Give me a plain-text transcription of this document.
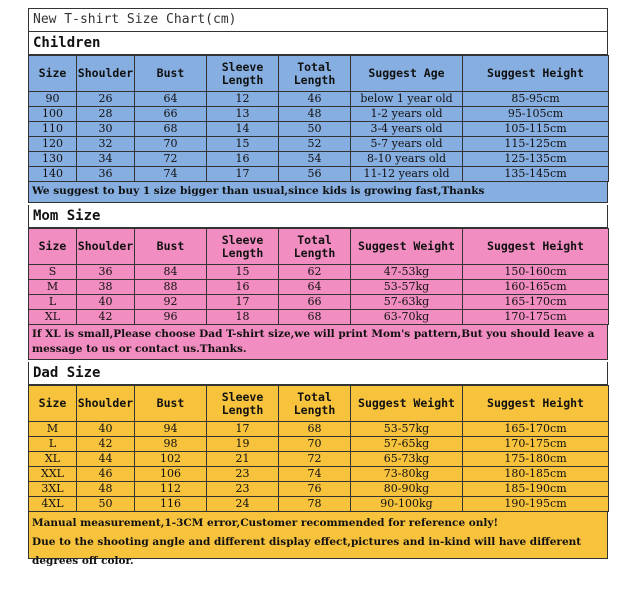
New T-shirt Size Chart(cm)
Children
Size	Shoulder	Bust	Sleeve Length	Total Length	Suggest Age	Suggest Height
90	26	64	12	46	below 1 year old	85-95cm
100	28	66	13	48	1-2 years old	95-105cm
110	30	68	14	50	3-4 years old	105-115cm
120	32	70	15	52	5-7 years old	115-125cm
130	34	72	16	54	8-10 years old	125-135cm
140	36	74	17	56	11-12 years old	135-145cm
We suggest to buy 1 size bigger than usual,since kids is growing fast,Thanks
Mom Size
Size	Shoulder	Bust	Sleeve Length	Total Length	Suggest Weight	Suggest Height
S	36	84	15	62	47-53kg	150-160cm
M	38	88	16	64	53-57kg	160-165cm
L	40	92	17	66	57-63kg	165-170cm
XL	42	96	18	68	63-70kg	170-175cm
If XL is small,Please choose Dad T-shirt size,we will print Mom's pattern,But you should leave a message to us or contact us.Thanks.
Dad Size
Size	Shoulder	Bust	Sleeve Length	Total Length	Suggest Weight	Suggest Height
M	40	94	17	68	53-57kg	165-170cm
L	42	98	19	70	57-65kg	170-175cm
XL	44	102	21	72	65-73kg	175-180cm
XXL	46	106	23	74	73-80kg	180-185cm
3XL	48	112	23	76	80-90kg	185-190cm
4XL	50	116	24	78	90-100kg	190-195cm
Manual measurement,1-3CM error,Customer recommended for reference only!
Due to the shooting angle and different display effect,pictures and in-kind will have different degrees off color.
